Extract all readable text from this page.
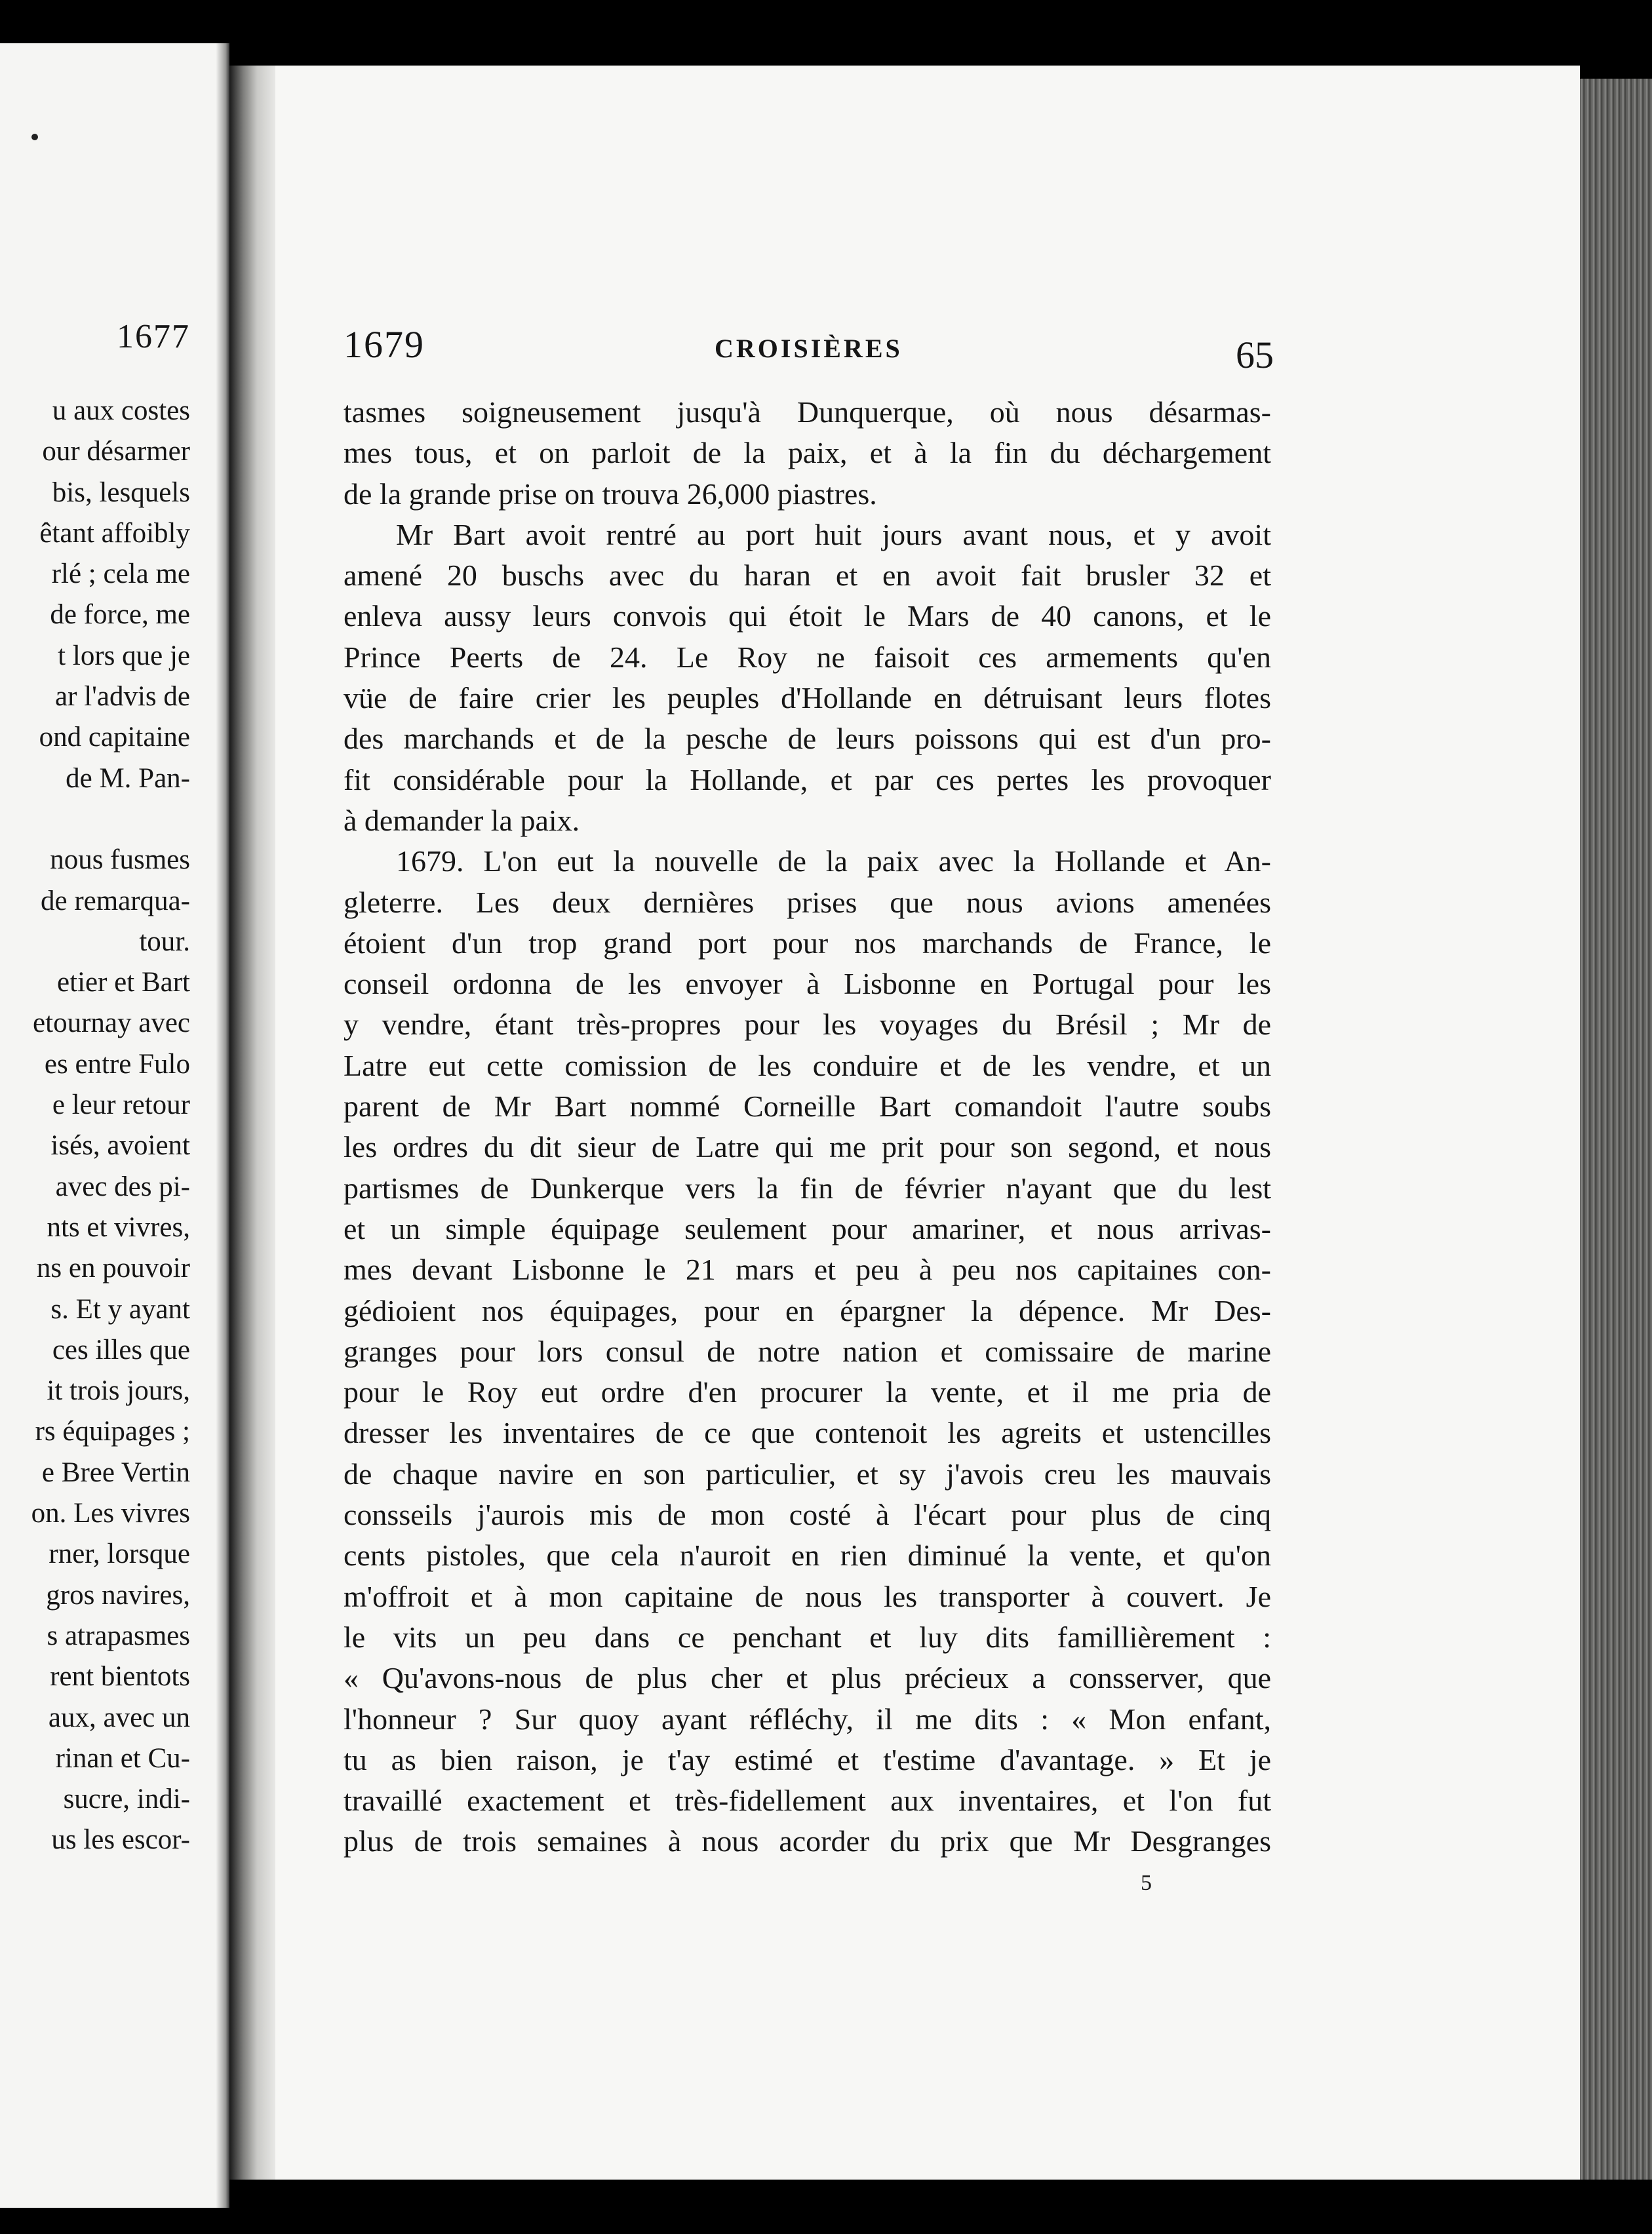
1677
u aux costes
our désarmer
bis, lesquels
êtant affoibly
rlé ; cela me
de force, me
t lors que je
ar l'advis de
ond capitaine
de M. Pan-
nous fusmes
de remarqua-
tour.
etier et Bart
etournay avec
es entre Fulo
e leur retour
isés, avoient
avec des pi-
nts et vivres,
ns en pouvoir
s. Et y ayant
ces illes que
it trois jours,
rs équipages ;
e Bree Vertin
on. Les vivres
rner, lorsque
gros navires,
s atrapasmes
rent bientots
aux, avec un
rinan et Cu-
sucre, indi-
us les escor-
1679	CROISIÈRES	65
tasmes soigneusement jusqu'à Dunquerque, où nous désarmas-
mes tous, et on parloit de la paix, et à la fin du déchargement
de la grande prise on trouva 26,000 piastres.
Mr Bart avoit rentré au port huit jours avant nous, et y avoit
amené 20 buschs avec du haran et en avoit fait brusler 32 et
enleva aussy leurs convois qui étoit le Mars de 40 canons, et le
Prince Peerts de 24. Le Roy ne faisoit ces armements qu'en
vüe de faire crier les peuples d'Hollande en détruisant leurs flotes
des marchands et de la pesche de leurs poissons qui est d'un pro-
fit considérable pour la Hollande, et par ces pertes les provoquer
à demander la paix.
1679. L'on eut la nouvelle de la paix avec la Hollande et An-
gleterre. Les deux dernières prises que nous avions amenées
étoient d'un trop grand port pour nos marchands de France, le
conseil ordonna de les envoyer à Lisbonne en Portugal pour les
y vendre, étant très-propres pour les voyages du Brésil ; Mr de
Latre eut cette comission de les conduire et de les vendre, et un
parent de Mr Bart nommé Corneille Bart comandoit l'autre soubs
les ordres du dit sieur de Latre qui me prit pour son segond, et nous
partismes de Dunkerque vers la fin de février n'ayant que du lest
et un simple équipage seulement pour amariner, et nous arrivas-
mes devant Lisbonne le 21 mars et peu à peu nos capitaines con-
gédioient nos équipages, pour en épargner la dépence. Mr Des-
granges pour lors consul de notre nation et comissaire de marine
pour le Roy eut ordre d'en procurer la vente, et il me pria de
dresser les inventaires de ce que contenoit les agreits et ustencilles
de chaque navire en son particulier, et sy j'avois creu les mauvais
consseils j'aurois mis de mon costé à l'écart pour plus de cinq
cents pistoles, que cela n'auroit en rien diminué la vente, et qu'on
m'offroit et à mon capitaine de nous les transporter à couvert. Je
le vits un peu dans ce penchant et luy dits famillièrement :
« Qu'avons-nous de plus cher et plus précieux a consserver, que
l'honneur ? Sur quoy ayant réfléchy, il me dits : « Mon enfant,
tu as bien raison, je t'ay estimé et t'estime d'avantage. » Et je
travaillé exactement et très-fidellement aux inventaires, et l'on fut
plus de trois semaines à nous acorder du prix que Mr Desgranges
5
